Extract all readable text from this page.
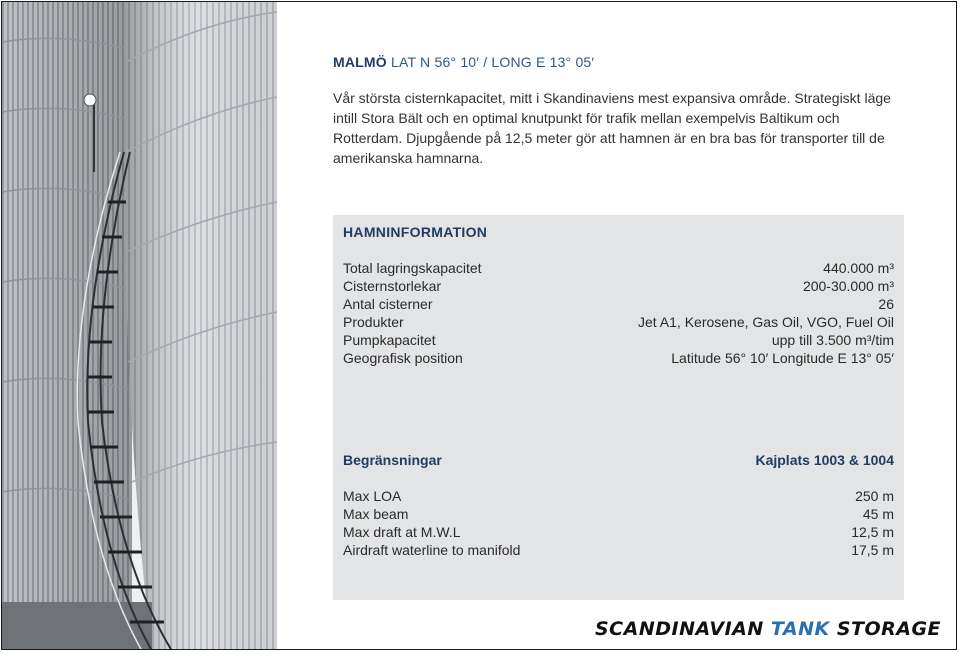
MALMÖ LAT N 56° 10′ / LONG E 13° 05′

Vår största cisternkapacitet, mitt i Skandinaviens mest expansiva område. Strategiskt läge intill Stora Bält och en optimal knutpunkt för trafik mellan exempelvis Baltikum och Rotterdam. Djupgående på 12,5 meter gör att hamnen är en bra bas för transporter till de amerikanska hamnarna.

HAMNINFORMATION
Total lagringskapacitet	440.000 m³
Cisternstorlekar	200-30.000 m³
Antal cisterner	26
Produkter	Jet A1, Kerosene, Gas Oil, VGO, Fuel Oil
Pumpkapacitet	upp till 3.500 m³/tim
Geografisk position	Latitude 56° 10′ Longitude E 13° 05′
Begränsningar	Kajplats 1003 & 1004
Max LOA	250 m
Max beam	45 m
Max draft at M.W.L	12,5 m
Airdraft waterline to manifold	17,5 m
SCANDINAVIAN TANK STORAGE
